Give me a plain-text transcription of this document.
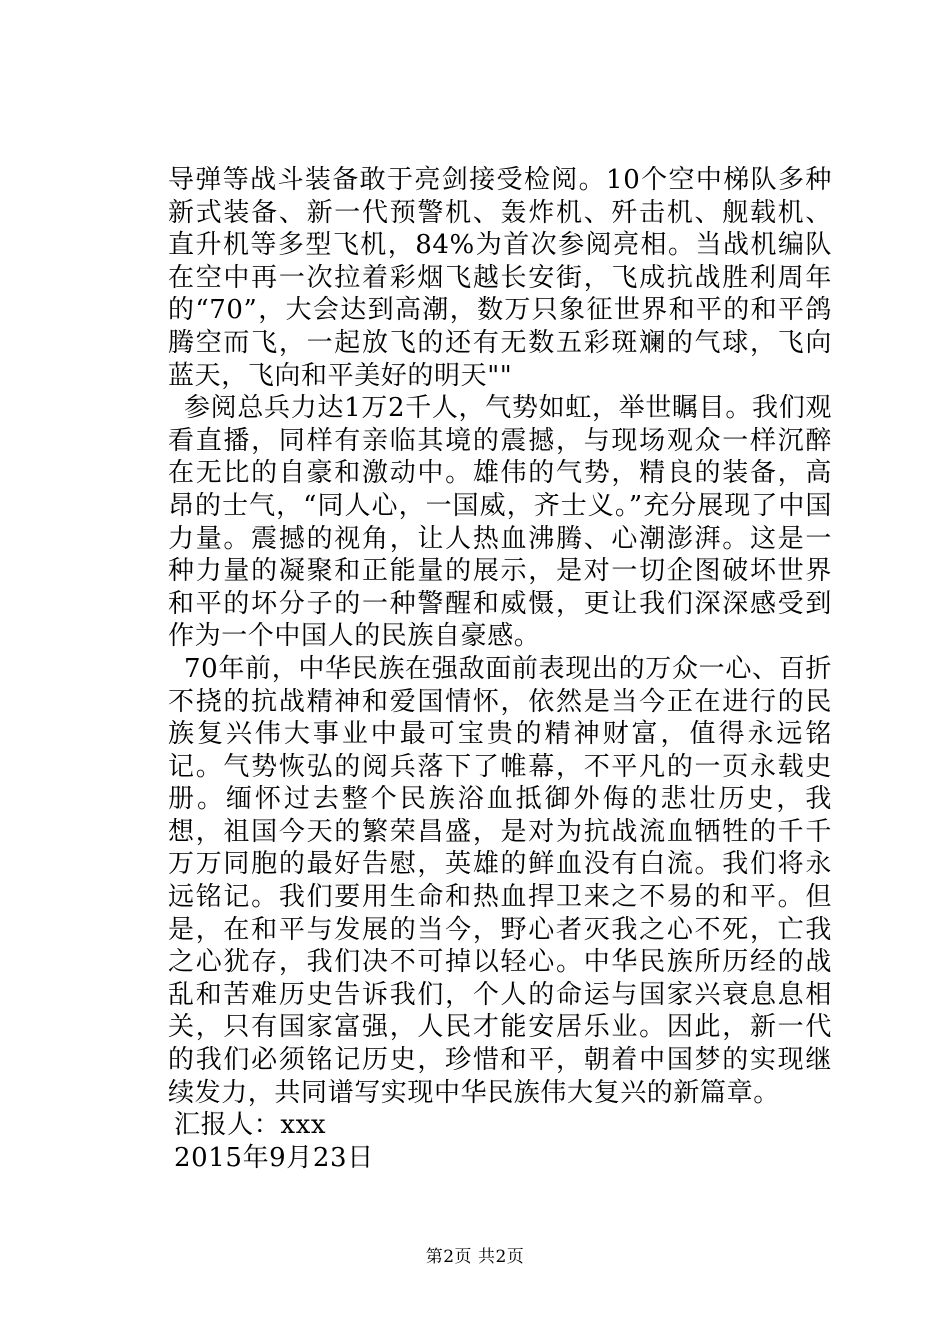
导弹等战斗装备敢于亮剑接受检阅。10个空中梯队多种新式装备、新一代预警机、轰炸机、歼击机、舰载机、直升机等多型飞机，84%为首次参阅亮相。当战机编队在空中再一次拉着彩烟飞越长安街，飞成抗战胜利周年的“70”，大会达到高潮，数万只象征世界和平的和平鸽腾空而飞，一起放飞的还有无数五彩斑斓的气球，飞向蓝天，飞向和平美好的明天""

参阅总兵力达1万2千人，气势如虹，举世瞩目。我们观看直播，同样有亲临其境的震撼，与现场观众一样沉醉在无比的自豪和激动中。雄伟的气势，精良的装备，高昂的士气，“同人心，一国威，齐士义。”充分展现了中国力量。震撼的视角，让人热血沸腾、心潮澎湃。这是一种力量的凝聚和正能量的展示，是对一切企图破坏世界和平的坏分子的一种警醒和威慑，更让我们深深感受到作为一个中国人的民族自豪感。

70年前，中华民族在强敌面前表现出的万众一心、百折不挠的抗战精神和爱国情怀，依然是当今正在进行的民族复兴伟大事业中最可宝贵的精神财富，值得永远铭记。气势恢弘的阅兵落下了帷幕，不平凡的一页永载史册。缅怀过去整个民族浴血抵御外侮的悲壮历史，我想，祖国今天的繁荣昌盛，是对为抗战流血牺牲的千千万万同胞的最好告慰，英雄的鲜血没有白流。我们将永远铭记。我们要用生命和热血捍卫来之不易的和平。但是，在和平与发展的当今，野心者灭我之心不死，亡我之心犹存，我们决不可掉以轻心。中华民族所历经的战乱和苦难历史告诉我们，个人的命运与国家兴衰息息相关，只有国家富强，人民才能安居乐业。因此，新一代的我们必须铭记历史，珍惜和平，朝着中国梦的实现继续发力，共同谱写实现中华民族伟大复兴的新篇章。

汇报人：xxx

2015年9月23日

第2页 共2页
